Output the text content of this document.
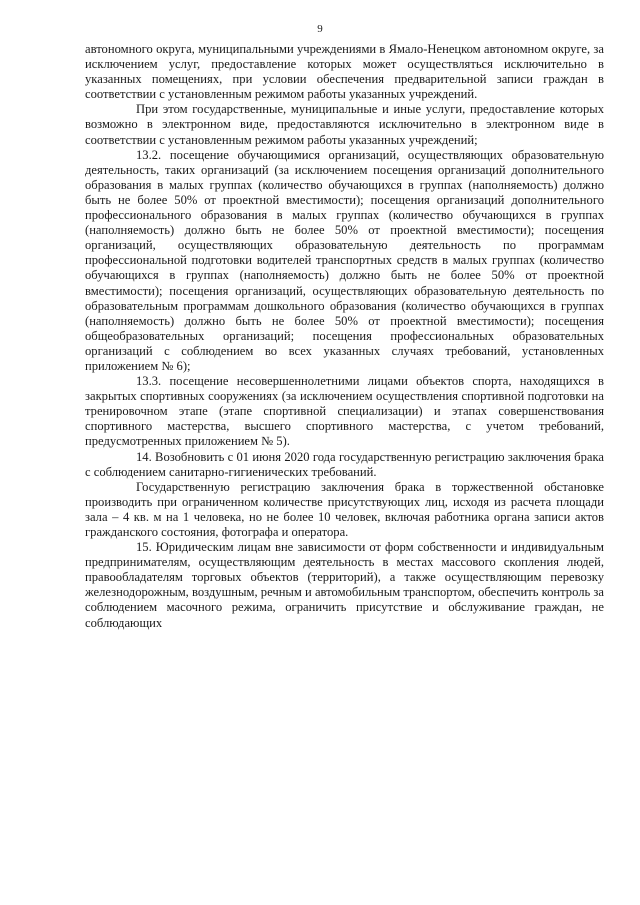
9

автономного округа, муниципальными учреждениями в Ямало-Ненецком автономном округе, за исключением услуг, предоставление которых может осуществляться исключительно в указанных помещениях, при условии обеспечения предварительной записи граждан в соответствии с установленным режимом работы указанных учреждений.

При этом государственные, муниципальные и иные услуги, предоставление которых возможно в электронном виде, предоставляются исключительно в электронном виде в соответствии с установленным режимом работы указанных учреждений;

13.2. посещение обучающимися организаций, осуществляющих образовательную деятельность, таких организаций (за исключением посещения организаций дополнительного образования в малых группах (количество обучающихся в группах (наполняемость) должно быть не более 50% от проектной вместимости); посещения организаций дополнительного профессионального образования в малых группах (количество обучающихся в группах (наполняемость) должно быть не более 50% от проектной вместимости); посещения организаций, осуществляющих образовательную деятельность по программам профессиональной подготовки водителей транспортных средств в малых группах (количество обучающихся в группах (наполняемость) должно быть не более 50% от проектной вместимости); посещения организаций, осуществляющих образовательную деятельность по образовательным программам дошкольного образования (количество обучающихся в группах (наполняемость) должно быть не более 50% от проектной вместимости); посещения общеобразовательных организаций; посещения профессиональных образовательных организаций с соблюдением во всех указанных случаях требований, установленных приложением № 6);

13.3. посещение несовершеннолетними лицами объектов спорта, находящихся в закрытых спортивных сооружениях (за исключением осуществления спортивной подготовки на тренировочном этапе (этапе спортивной специализации) и этапах совершенствования спортивного мастерства, высшего спортивного мастерства, с учетом требований, предусмотренных приложением № 5).

14. Возобновить с 01 июня 2020 года государственную регистрацию заключения брака с соблюдением санитарно-гигиенических требований.

Государственную регистрацию заключения брака в торжественной обстановке производить при ограниченном количестве присутствующих лиц, исходя из расчета площади зала – 4 кв. м на 1 человека, но не более 10 человек, включая работника органа записи актов гражданского состояния, фотографа и оператора.

15. Юридическим лицам вне зависимости от форм собственности и индивидуальным предпринимателям, осуществляющим деятельность в местах массового скопления людей, правообладателям торговых объектов (территорий), а также осуществляющим перевозку железнодорожным, воздушным, речным и автомобильным транспортом, обеспечить контроль за соблюдением масочного режима, ограничить присутствие и обслуживание граждан, не соблюдающих
